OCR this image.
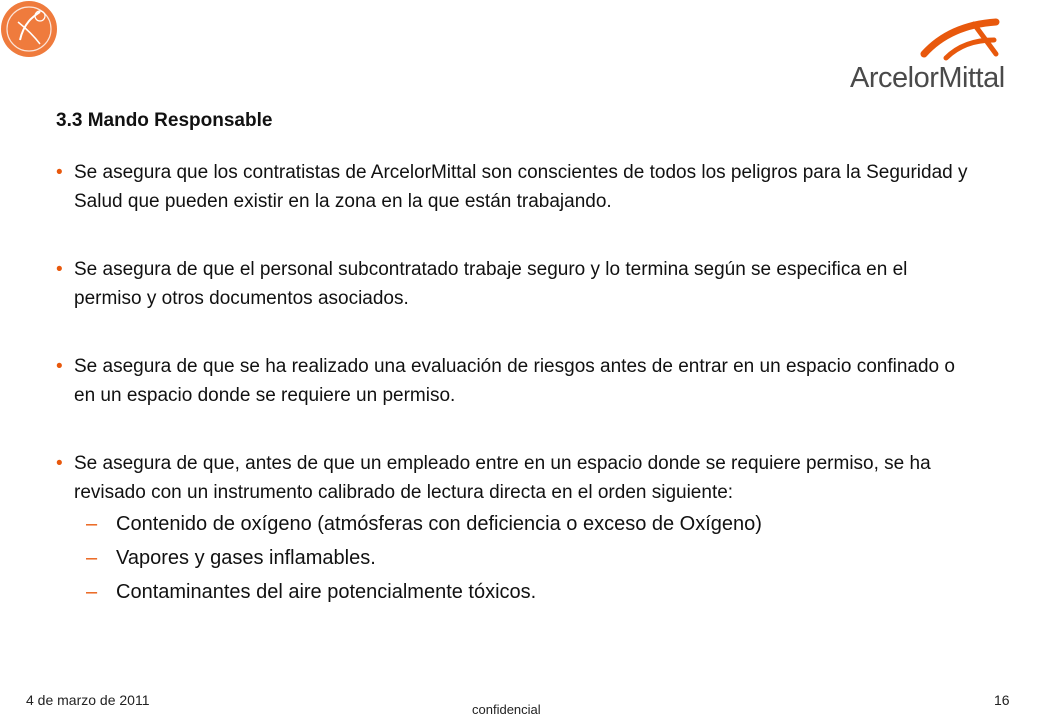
ArcelorMittal
3.3 Mando Responsable
• Se asegura que los contratistas de ArcelorMittal son conscientes de todos los peligros para la Seguridad y Salud que pueden existir en la zona en la que están trabajando.
• Se asegura de que el personal subcontratado trabaje seguro y lo termina según se especifica en el permiso y otros documentos asociados.
• Se asegura de que se ha realizado una evaluación de riesgos antes de entrar en un espacio confinado o en un espacio donde se requiere un permiso.
• Se asegura de que, antes de que un empleado entre en un espacio donde se requiere permiso, se ha revisado con un instrumento calibrado de lectura directa en el orden siguiente:
– Contenido de oxígeno (atmósferas con deficiencia o exceso de Oxígeno)
– Vapores y gases inflamables.
– Contaminantes del aire potencialmente tóxicos.
4 de marzo de 2011
confidencial
16
